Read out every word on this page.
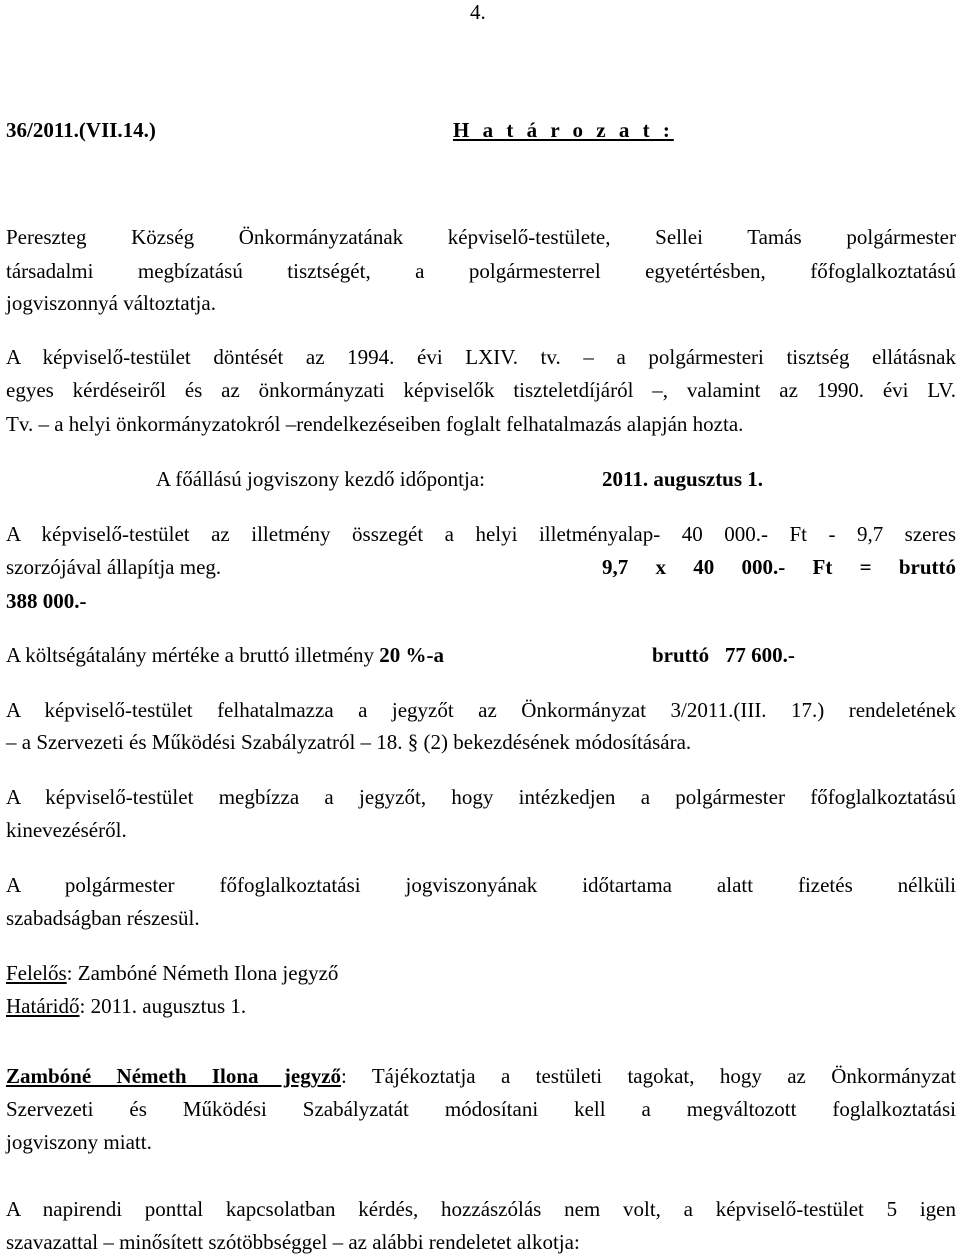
4.
36/2011.(VII.14.)	H a t á r o z a t :
Pereszteg Község Önkormányzatának képviselő-testülete, Sellei Tamás polgármester
társadalmi megbízatású tisztségét, a polgármesterrel egyetértésben, főfoglalkoztatású
jogviszonnyá változtatja.
A képviselő-testület döntését az 1994. évi LXIV. tv. – a polgármesteri tisztség ellátásnak
egyes kérdéseiről és az önkormányzati képviselők tiszteletdíjáról –, valamint az 1990. évi LV.
Tv. – a helyi önkormányzatokról –rendelkezéseiben foglalt felhatalmazás alapján hozta.
A főállású jogviszony kezdő időpontja:	2011. augusztus 1.
A képviselő-testület az illetmény összegét a helyi illetményalap- 40 000.- Ft - 9,7 szeres
szorzójával állapítja meg.	9,7 x 40 000.- Ft = bruttó
388 000.-
A költségátalány mértéke a bruttó illetmény 20 %-a	bruttó   77 600.-
A képviselő-testület felhatalmazza a jegyzőt az Önkormányzat 3/2011.(III. 17.) rendeletének
– a Szervezeti és Működési Szabályzatról – 18. § (2) bekezdésének módosítására.
A képviselő-testület megbízza a jegyzőt, hogy intézkedjen a polgármester főfoglalkoztatású
kinevezéséről.
A polgármester főfoglalkoztatási jogviszonyának időtartama alatt fizetés nélküli
szabadságban részesül.
Felelős: Zambóné Németh Ilona jegyző
Határidő: 2011. augusztus 1.
Zambóné Németh Ilona jegyző: Tájékoztatja a testületi tagokat, hogy az Önkormányzat
Szervezeti és Működési Szabályzatát módosítani kell a megváltozott foglalkoztatási
jogviszony miatt.
A napirendi ponttal kapcsolatban kérdés, hozzászólás nem volt, a képviselő-testület 5 igen
szavazattal – minősített szótöbbséggel – az alábbi rendeletet alkotja:
